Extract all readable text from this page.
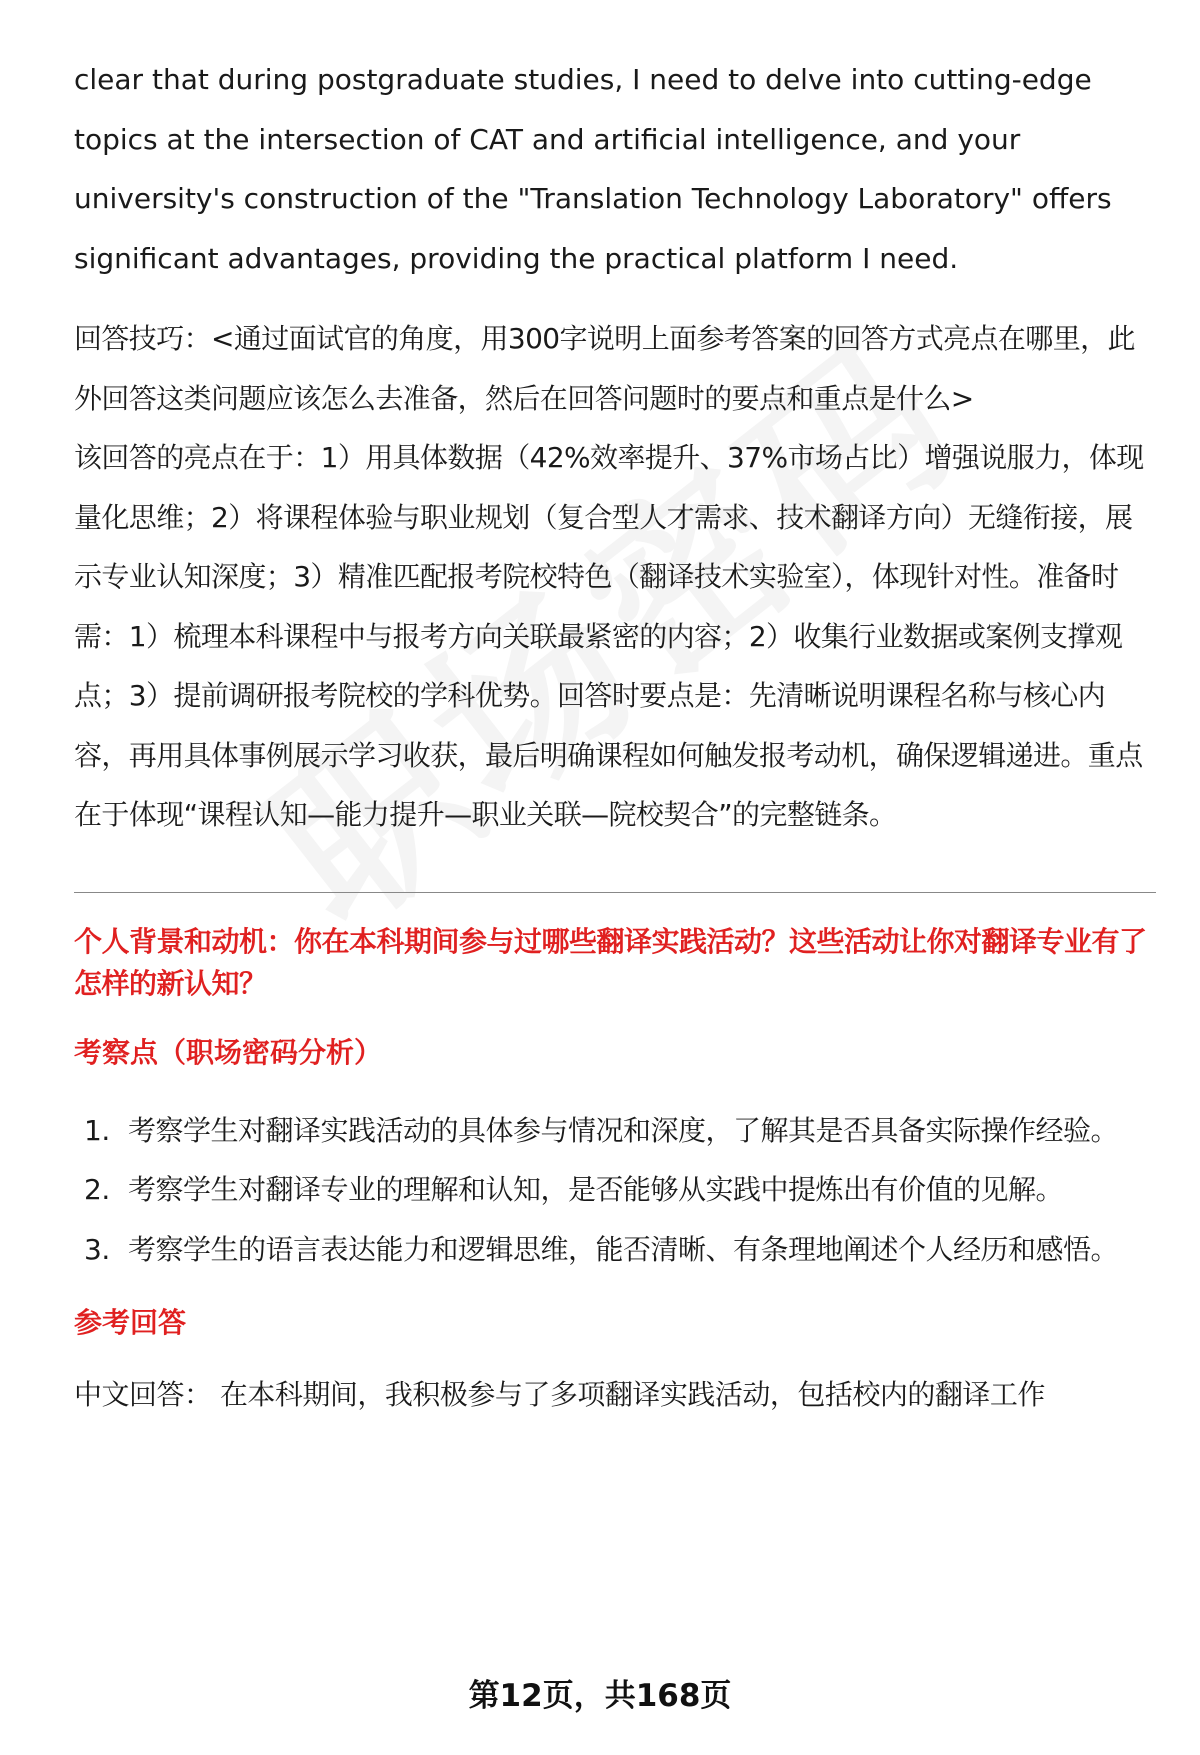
clear that during postgraduate studies, I need to delve into cutting-edge topics at the intersection of CAT and artificial intelligence, and your university's construction of the "Translation Technology Laboratory" offers significant advantages, providing the practical platform I need.

回答技巧：<通过面试官的角度，用300字说明上面参考答案的回答方式亮点在哪里，此外回答这类问题应该怎么去准备，然后在回答问题时的要点和重点是什么>

该回答的亮点在于：1）用具体数据（42%效率提升、37%市场占比）增强说服力，体现量化思维；2）将课程体验与职业规划（复合型人才需求、技术翻译方向）无缝衔接，展示专业认知深度；3）精准匹配报考院校特色（翻译技术实验室），体现针对性。准备时需：1）梳理本科课程中与报考方向关联最紧密的内容；2）收集行业数据或案例支撑观点；3）提前调研报考院校的学科优势。回答时要点是：先清晰说明课程名称与核心内容，再用具体事例展示学习收获，最后明确课程如何触发报考动机，确保逻辑递进。重点在于体现“课程认知—能力提升—职业关联—院校契合”的完整链条。

个人背景和动机：你在本科期间参与过哪些翻译实践活动？这些活动让你对翻译专业有了怎样的新认知？

考察点（职场密码分析）

1. 考察学生对翻译实践活动的具体参与情况和深度，了解其是否具备实际操作经验。
2. 考察学生对翻译专业的理解和认知，是否能够从实践中提炼出有价值的见解。
3. 考察学生的语言表达能力和逻辑思维，能否清晰、有条理地阐述个人经历和感悟。

参考回答

中文回答： 在本科期间，我积极参与了多项翻译实践活动，包括校内的翻译工作

第12页，共168页
